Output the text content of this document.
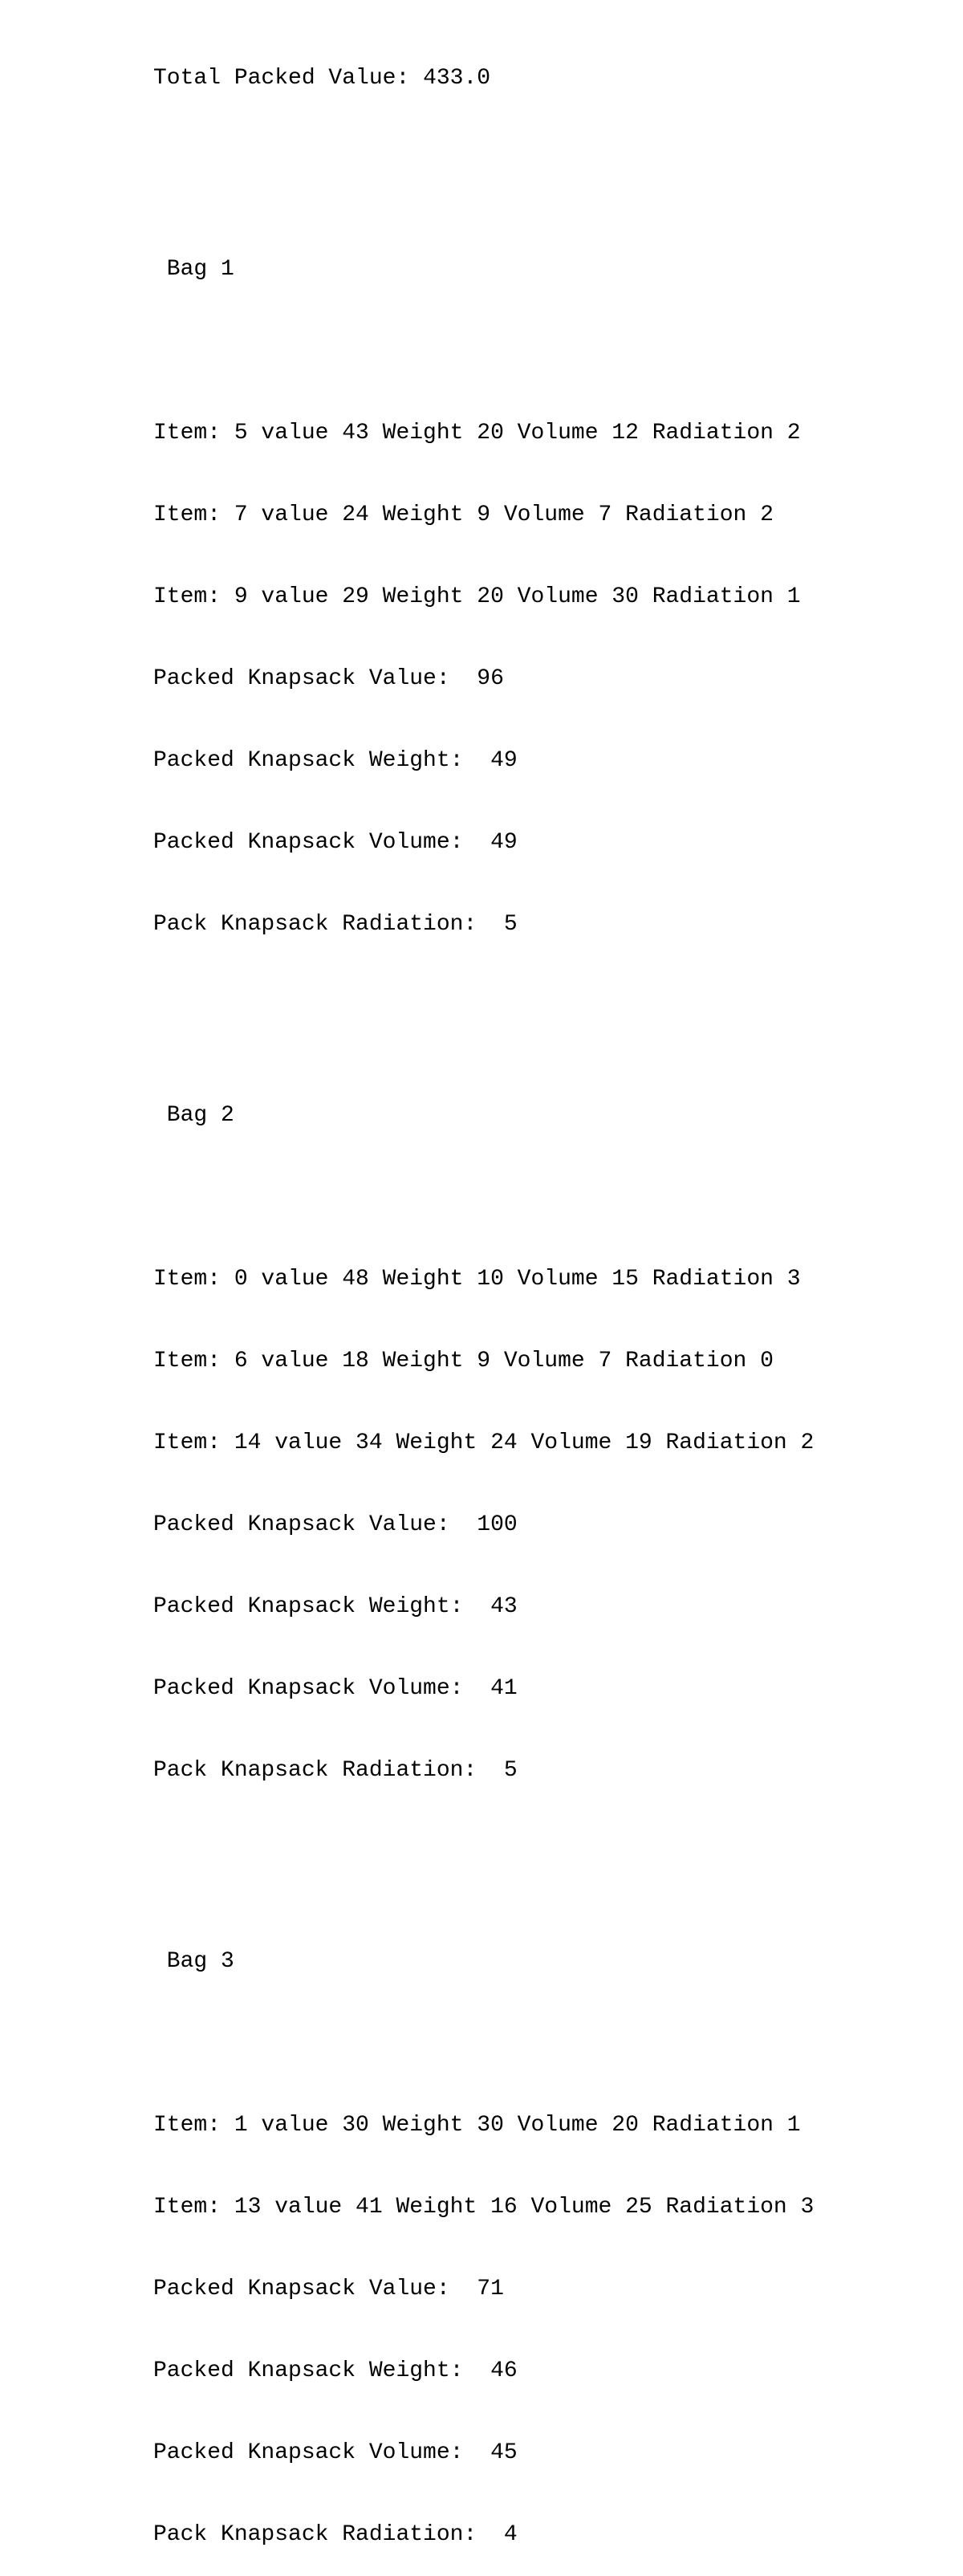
Total Packed Value: 433.0

Bag 1

Item: 5 value 43 Weight 20 Volume 12 Radiation 2

Item: 7 value 24 Weight 9 Volume 7 Radiation 2

Item: 9 value 29 Weight 20 Volume 30 Radiation 1

Packed Knapsack Value:  96

Packed Knapsack Weight:  49

Packed Knapsack Volume:  49

Pack Knapsack Radiation:  5

Bag 2

Item: 0 value 48 Weight 10 Volume 15 Radiation 3

Item: 6 value 18 Weight 9 Volume 7 Radiation 0

Item: 14 value 34 Weight 24 Volume 19 Radiation 2

Packed Knapsack Value:  100

Packed Knapsack Weight:  43

Packed Knapsack Volume:  41

Pack Knapsack Radiation:  5

Bag 3

Item: 1 value 30 Weight 30 Volume 20 Radiation 1

Item: 13 value 41 Weight 16 Volume 25 Radiation 3

Packed Knapsack Value:  71

Packed Knapsack Weight:  46

Packed Knapsack Volume:  45

Pack Knapsack Radiation:  4
